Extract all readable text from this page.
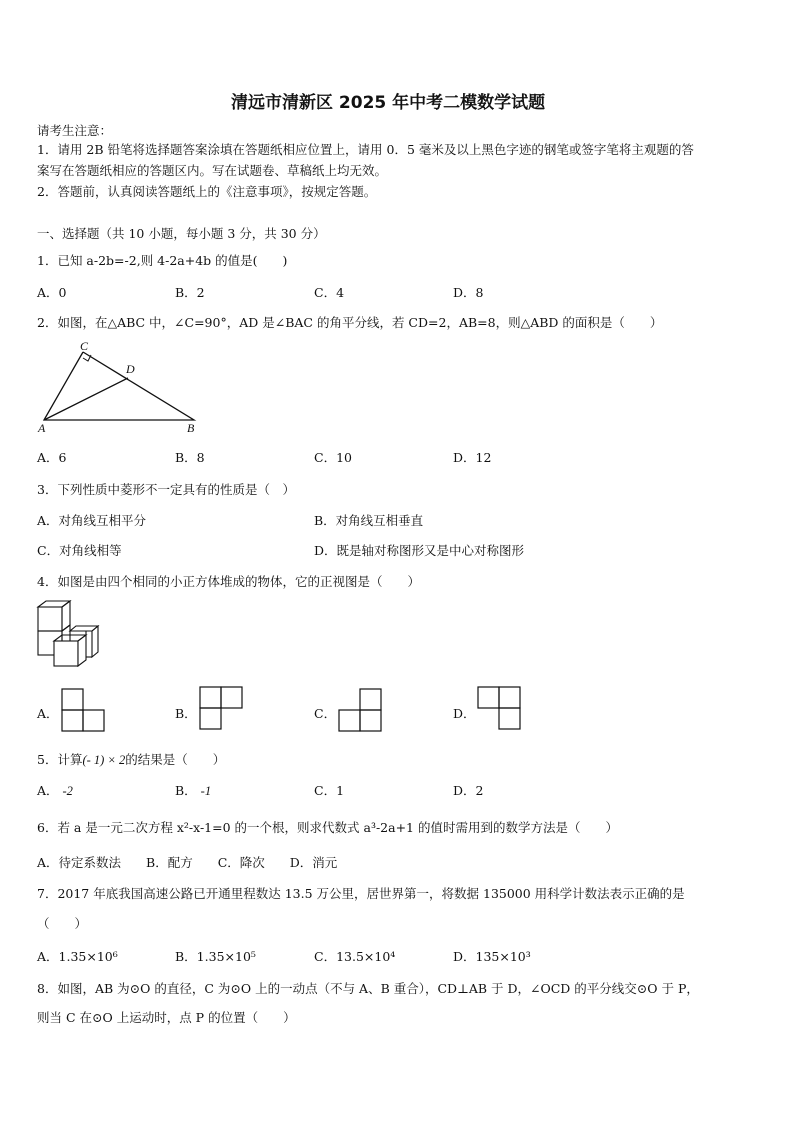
清远市清新区 2025 年中考二模数学试题
请考生注意：
1．请用 2B 铅笔将选择题答案涂填在答题纸相应位置上，请用 0．5 毫米及以上黑色字迹的钢笔或签字笔将主观题的答
案写在答题纸相应的答题区内。写在试题卷、草稿纸上均无效。
2．答题前，认真阅读答题纸上的《注意事项》，按规定答题。
一、选择题（共 10 小题，每小题 3 分，共 30 分）
1．已知 a-2b=-2,则 4-2a+4b 的值是(　　)
A．0	B．2	C．4	D．8
2．如图，在△ABC 中，∠C=90°，AD 是∠BAC 的角平分线，若 CD=2，AB=8，则△ABD 的面积是（　　）
C
D
A	B
A．6	B．8	C．10	D．12
3．下列性质中菱形不一定具有的性质是（　）
A．对角线互相平分	B．对角线互相垂直
C．对角线相等	D．既是轴对称图形又是中心对称图形
4．如图是由四个相同的小正方体堆成的物体，它的正视图是（　　）
A．	B．	C．	D．
5．计算(- 1) × 2的结果是（　　）
A． -2	B． -1	C．1	D．2
6．若 a 是一元二次方程 x²-x-1=0 的一个根，则求代数式 a³-2a+1 的值时需用到的数学方法是（　　）
A．待定系数法　　B．配方　　C．降次　　D．消元
7．2017 年底我国高速公路已开通里程数达 13.5 万公里，居世界第一，将数据 135000 用科学计数法表示正确的是
（　　）
A．1.35×10⁶	B．1.35×10⁵	C．13.5×10⁴	D．135×10³
8．如图，AB 为⊙O 的直径，C 为⊙O 上的一动点（不与 A、B 重合），CD⊥AB 于 D，∠OCD 的平分线交⊙O 于 P，
则当 C 在⊙O 上运动时，点 P 的位置（　　）
